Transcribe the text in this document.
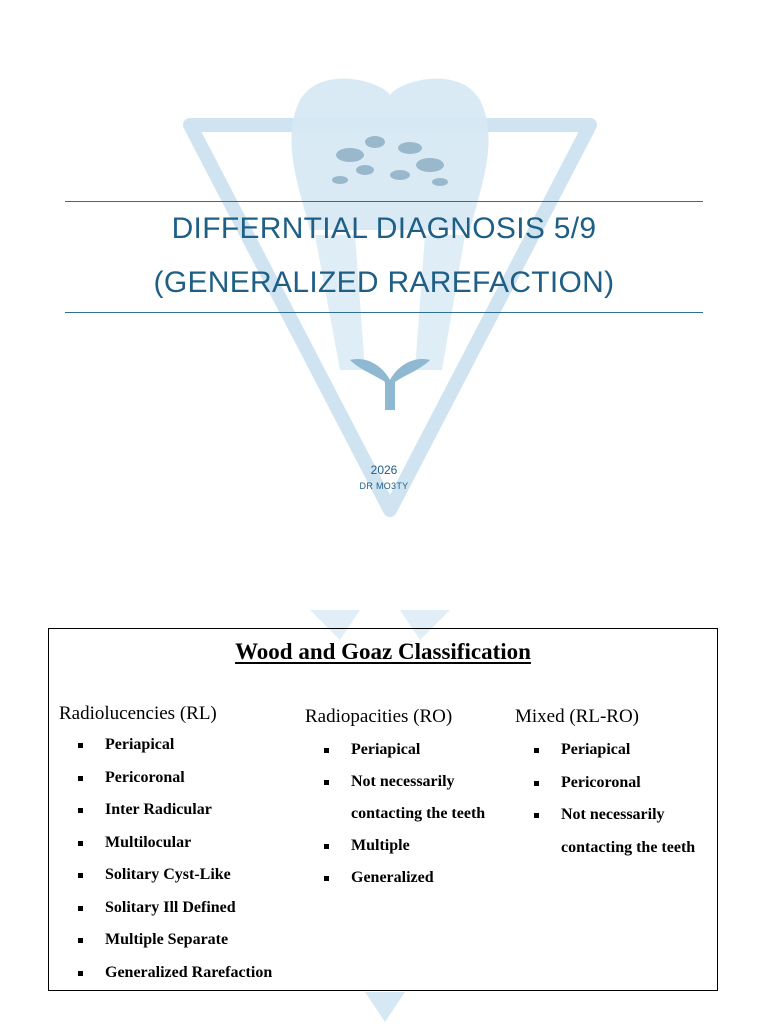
DIFFERNTIAL DIAGNOSIS 5/9
(GENERALIZED RAREFACTION)
2026
DR MO3TY
Wood and Goaz Classification
Radiolucencies (RL)
Periapical
Pericoronal
Inter Radicular
Multilocular
Solitary Cyst-Like
Solitary Ill Defined
Multiple Separate
Generalized Rarefaction
Radiopacities (RO)
Periapical
Not necessarily
contacting the teeth
Multiple
Generalized
Mixed (RL-RO)
Periapical
Pericoronal
Not necessarily
contacting the teeth
